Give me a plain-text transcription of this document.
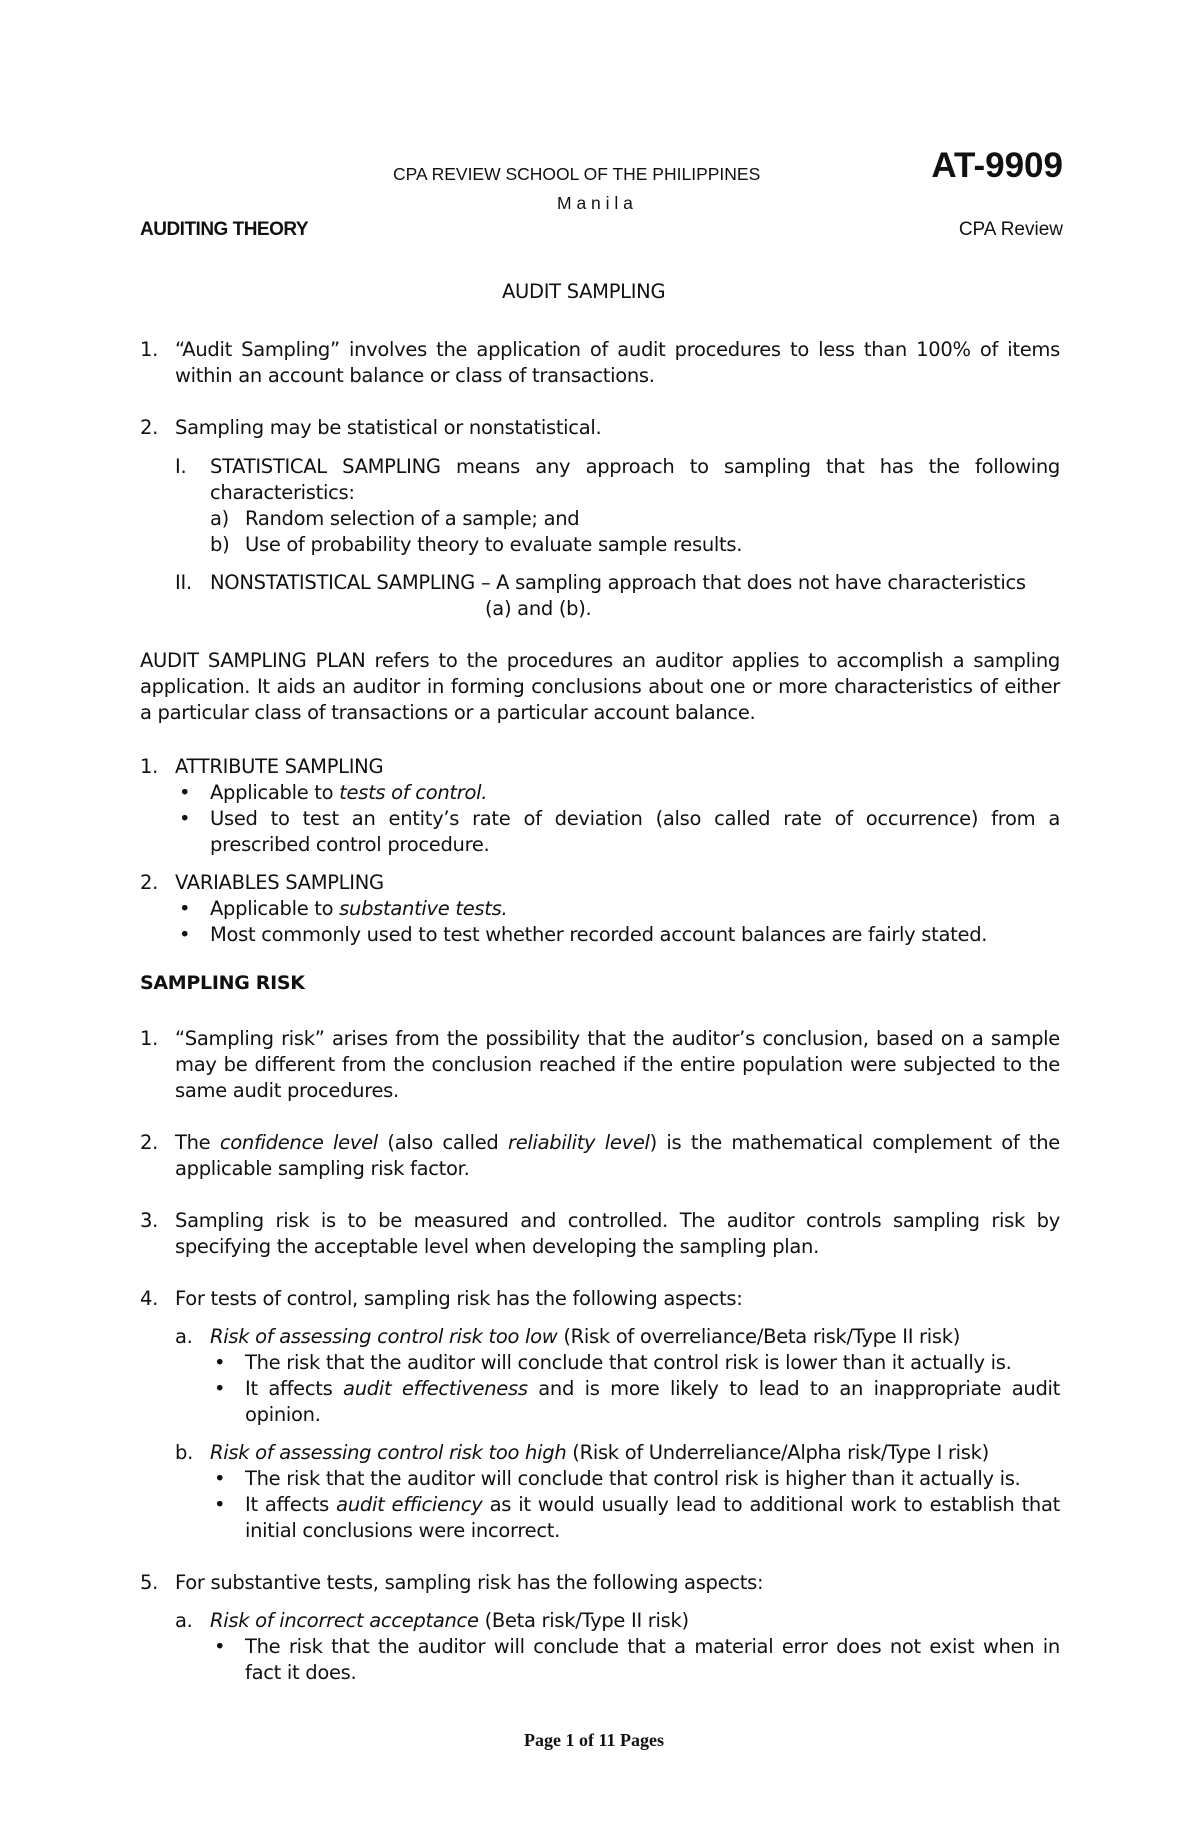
CPA REVIEW SCHOOL OF THE PHILIPPINES
M a n i l a
AT-9909
AUDITING THEORY	CPA Review
AUDIT SAMPLING
1. “Audit Sampling” involves the application of audit procedures to less than 100% of items within an account balance or class of transactions.
2. Sampling may be statistical or nonstatistical.
I. STATISTICAL SAMPLING means any approach to sampling that has the following characteristics:
a) Random selection of a sample; and
b) Use of probability theory to evaluate sample results.
II. NONSTATISTICAL SAMPLING – A sampling approach that does not have characteristics
(a) and (b).
AUDIT SAMPLING PLAN refers to the procedures an auditor applies to accomplish a sampling application. It aids an auditor in forming conclusions about one or more characteristics of either a particular class of transactions or a particular account balance.
1. ATTRIBUTE SAMPLING
• Applicable to tests of control.
• Used to test an entity’s rate of deviation (also called rate of occurrence) from a prescribed control procedure.
2. VARIABLES SAMPLING
• Applicable to substantive tests.
• Most commonly used to test whether recorded account balances are fairly stated.
SAMPLING RISK
1. “Sampling risk” arises from the possibility that the auditor’s conclusion, based on a sample may be different from the conclusion reached if the entire population were subjected to the same audit procedures.
2. The confidence level (also called reliability level) is the mathematical complement of the applicable sampling risk factor.
3. Sampling risk is to be measured and controlled. The auditor controls sampling risk by specifying the acceptable level when developing the sampling plan.
4. For tests of control, sampling risk has the following aspects:
a. Risk of assessing control risk too low (Risk of overreliance/Beta risk/Type II risk)
• The risk that the auditor will conclude that control risk is lower than it actually is.
• It affects audit effectiveness and is more likely to lead to an inappropriate audit opinion.
b. Risk of assessing control risk too high (Risk of Underreliance/Alpha risk/Type I risk)
• The risk that the auditor will conclude that control risk is higher than it actually is.
• It affects audit efficiency as it would usually lead to additional work to establish that initial conclusions were incorrect.
5. For substantive tests, sampling risk has the following aspects:
a. Risk of incorrect acceptance (Beta risk/Type II risk)
• The risk that the auditor will conclude that a material error does not exist when in fact it does.
Page 1 of 11 Pages
